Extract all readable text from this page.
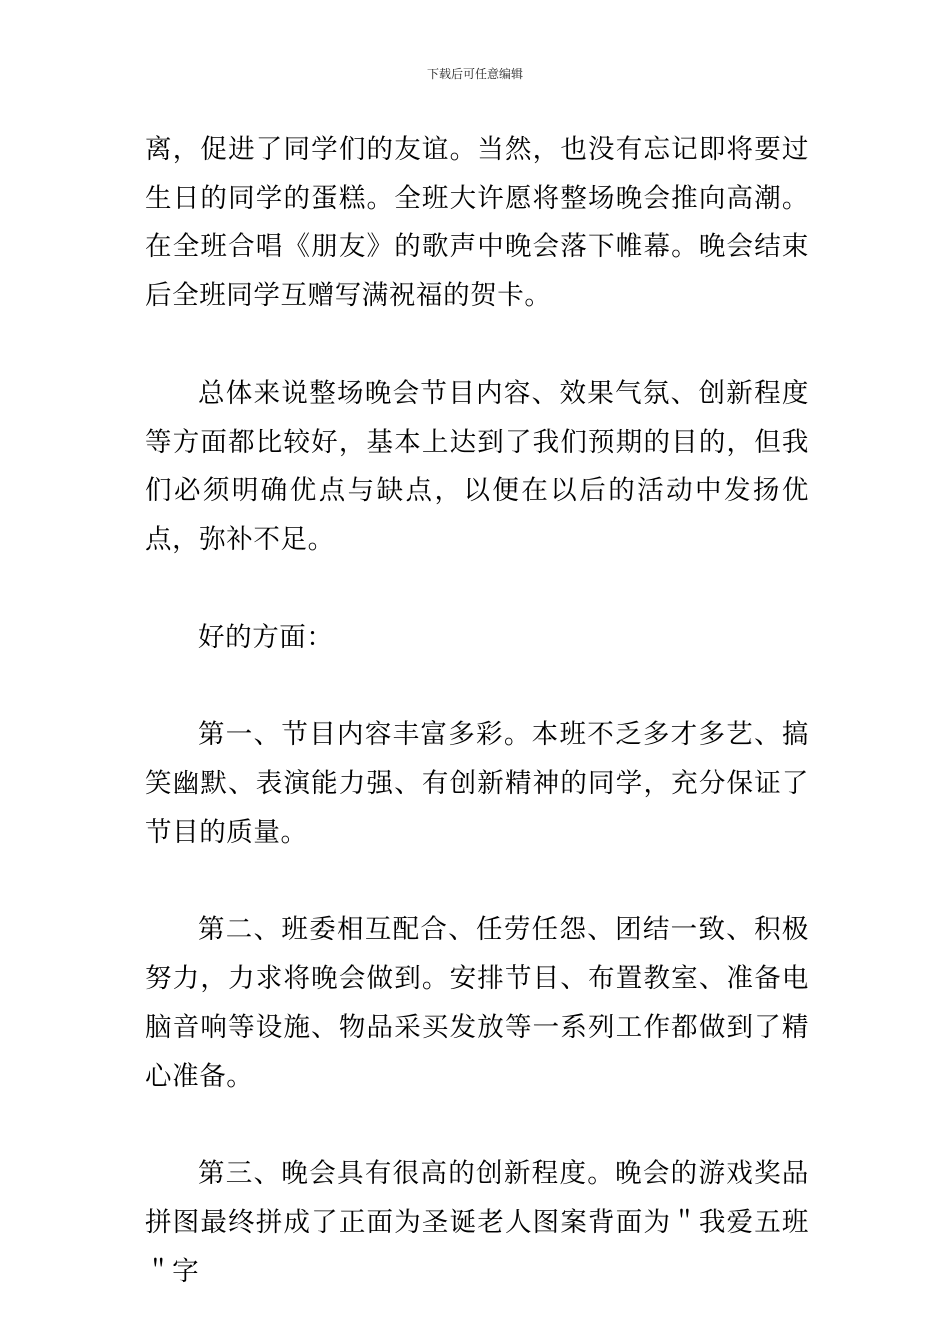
下载后可任意编辑

离，促进了同学们的友谊。当然，也没有忘记即将要过生日的同学的蛋糕。全班大许愿将整场晚会推向高潮。在全班合唱《朋友》的歌声中晚会落下帷幕。晚会结束后全班同学互赠写满祝福的贺卡。

总体来说整场晚会节目内容、效果气氛、创新程度等方面都比较好，基本上达到了我们预期的目的，但我们必须明确优点与缺点，以便在以后的活动中发扬优点，弥补不足。

好的方面：

第一、节目内容丰富多彩。本班不乏多才多艺、搞笑幽默、表演能力强、有创新精神的同学，充分保证了节目的质量。

第二、班委相互配合、任劳任怨、团结一致、积极努力，力求将晚会做到。安排节目、布置教室、准备电脑音响等设施、物品采买发放等一系列工作都做到了精心准备。

第三、晚会具有很高的创新程度。晚会的游戏奖品拼图最终拼成了正面为圣诞老人图案背面为＂我爱五班＂字
